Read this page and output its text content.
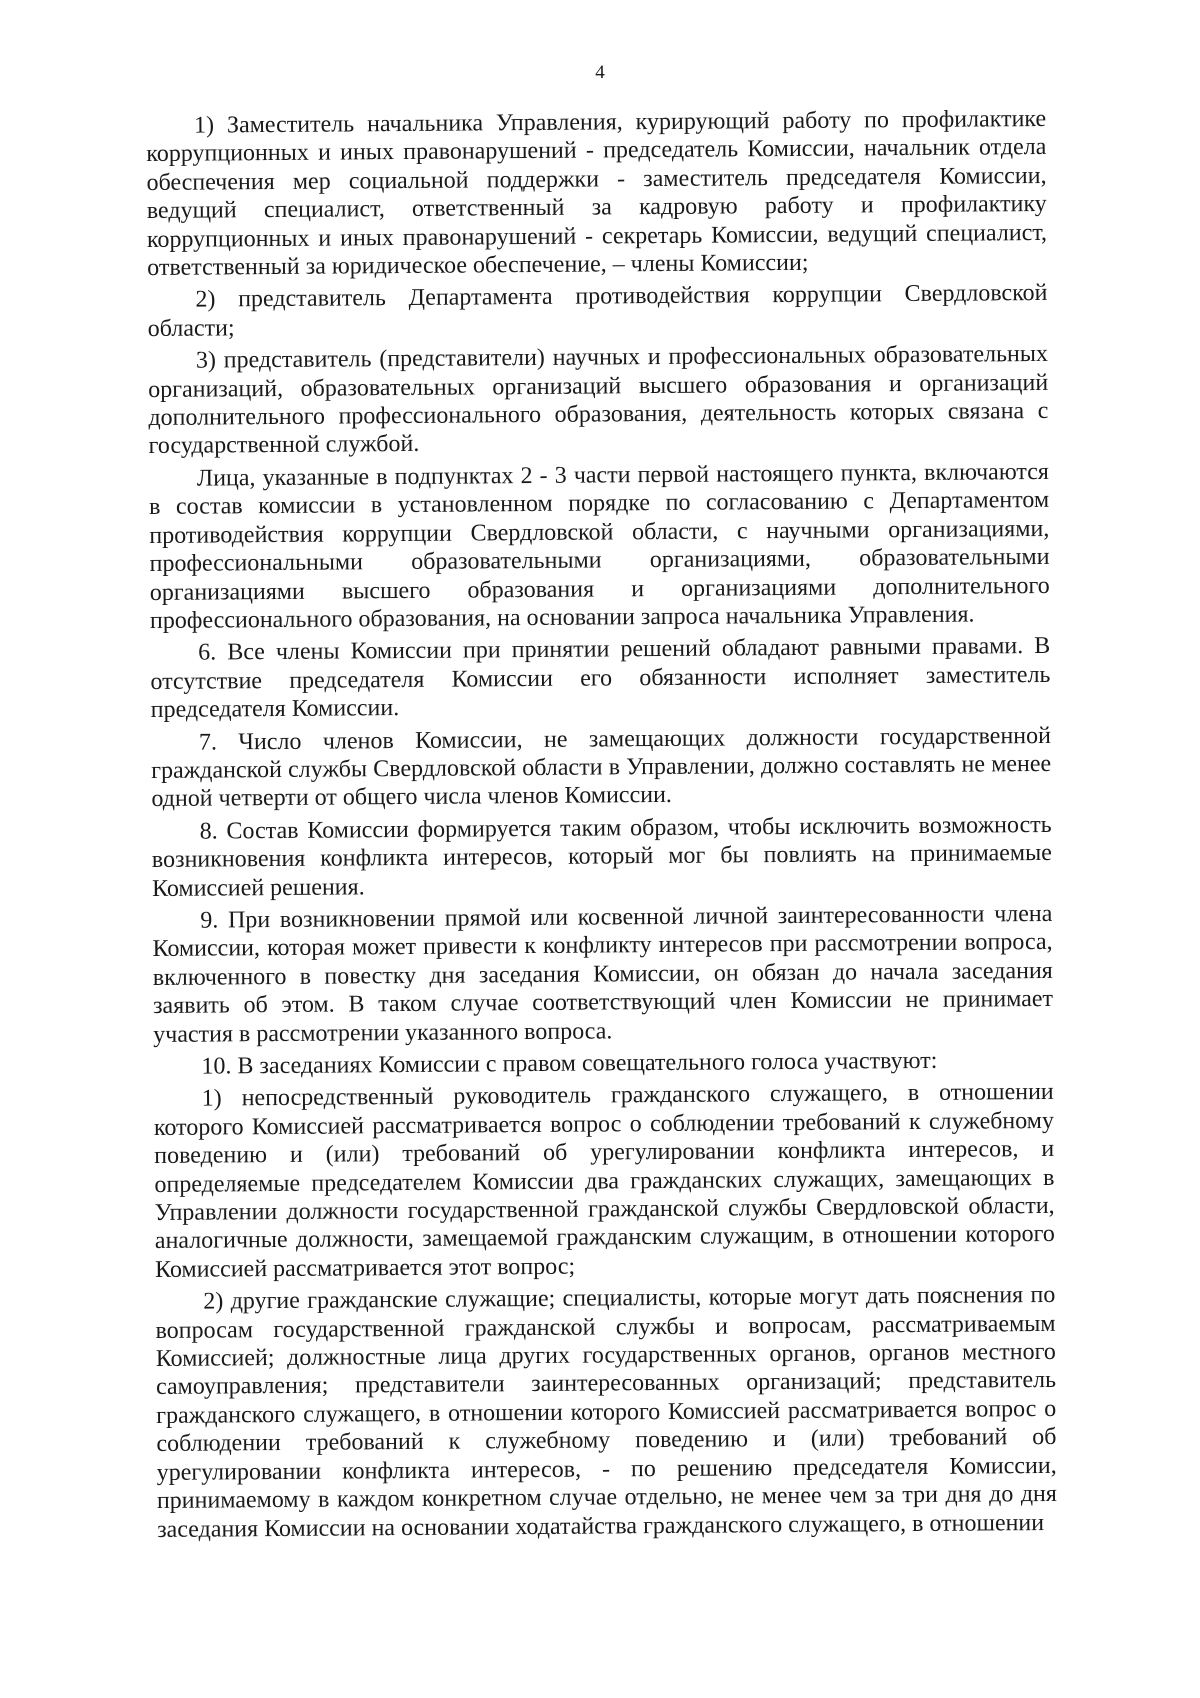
4

1) Заместитель начальника Управления, курирующий работу по профилактике коррупционных и иных правонарушений - председатель Комиссии, начальник отдела обеспечения мер социальной поддержки - заместитель председателя Комиссии, ведущий специалист, ответственный за кадровую работу и профилактику коррупционных и иных правонарушений - секретарь Комиссии, ведущий специалист, ответственный за юридическое обеспечение, – члены Комиссии;

2) представитель Департамента противодействия коррупции Свердловской области;

3) представитель (представители) научных и профессиональных образовательных организаций, образовательных организаций высшего образования и организаций дополнительного профессионального образования, деятельность которых связана с государственной службой.

Лица, указанные в подпунктах 2 - 3 части первой настоящего пункта, включаются в состав комиссии в установленном порядке по согласованию с Департаментом противодействия коррупции Свердловской области, с научными организациями, профессиональными образовательными организациями, образовательными организациями высшего образования и организациями дополнительного профессионального образования, на основании запроса начальника Управления.

6. Все члены Комиссии при принятии решений обладают равными правами. В отсутствие председателя Комиссии его обязанности исполняет заместитель председателя Комиссии.

7. Число членов Комиссии, не замещающих должности государственной гражданской службы Свердловской области в Управлении, должно составлять не менее одной четверти от общего числа членов Комиссии.

8. Состав Комиссии формируется таким образом, чтобы исключить возможность возникновения конфликта интересов, который мог бы повлиять на принимаемые Комиссией решения.

9. При возникновении прямой или косвенной личной заинтересованности члена Комиссии, которая может привести к конфликту интересов при рассмотрении вопроса, включенного в повестку дня заседания Комиссии, он обязан до начала заседания заявить об этом. В таком случае соответствующий член Комиссии не принимает участия в рассмотрении указанного вопроса.

10. В заседаниях Комиссии с правом совещательного голоса участвуют:

1) непосредственный руководитель гражданского служащего, в отношении которого Комиссией рассматривается вопрос о соблюдении требований к служебному поведению и (или) требований об урегулировании конфликта интересов, и определяемые председателем Комиссии два гражданских служащих, замещающих в Управлении должности государственной гражданской службы Свердловской области, аналогичные должности, замещаемой гражданским служащим, в отношении которого Комиссией рассматривается этот вопрос;

2) другие гражданские служащие; специалисты, которые могут дать пояснения по вопросам государственной гражданской службы и вопросам, рассматриваемым Комиссией; должностные лица других государственных органов, органов местного самоуправления; представители заинтересованных организаций; представитель гражданского служащего, в отношении которого Комиссией рассматривается вопрос о соблюдении требований к служебному поведению и (или) требований об урегулировании конфликта интересов, - по решению председателя Комиссии, принимаемому в каждом конкретном случае отдельно, не менее чем за три дня до дня заседания Комиссии на основании ходатайства гражданского служащего, в отношении
